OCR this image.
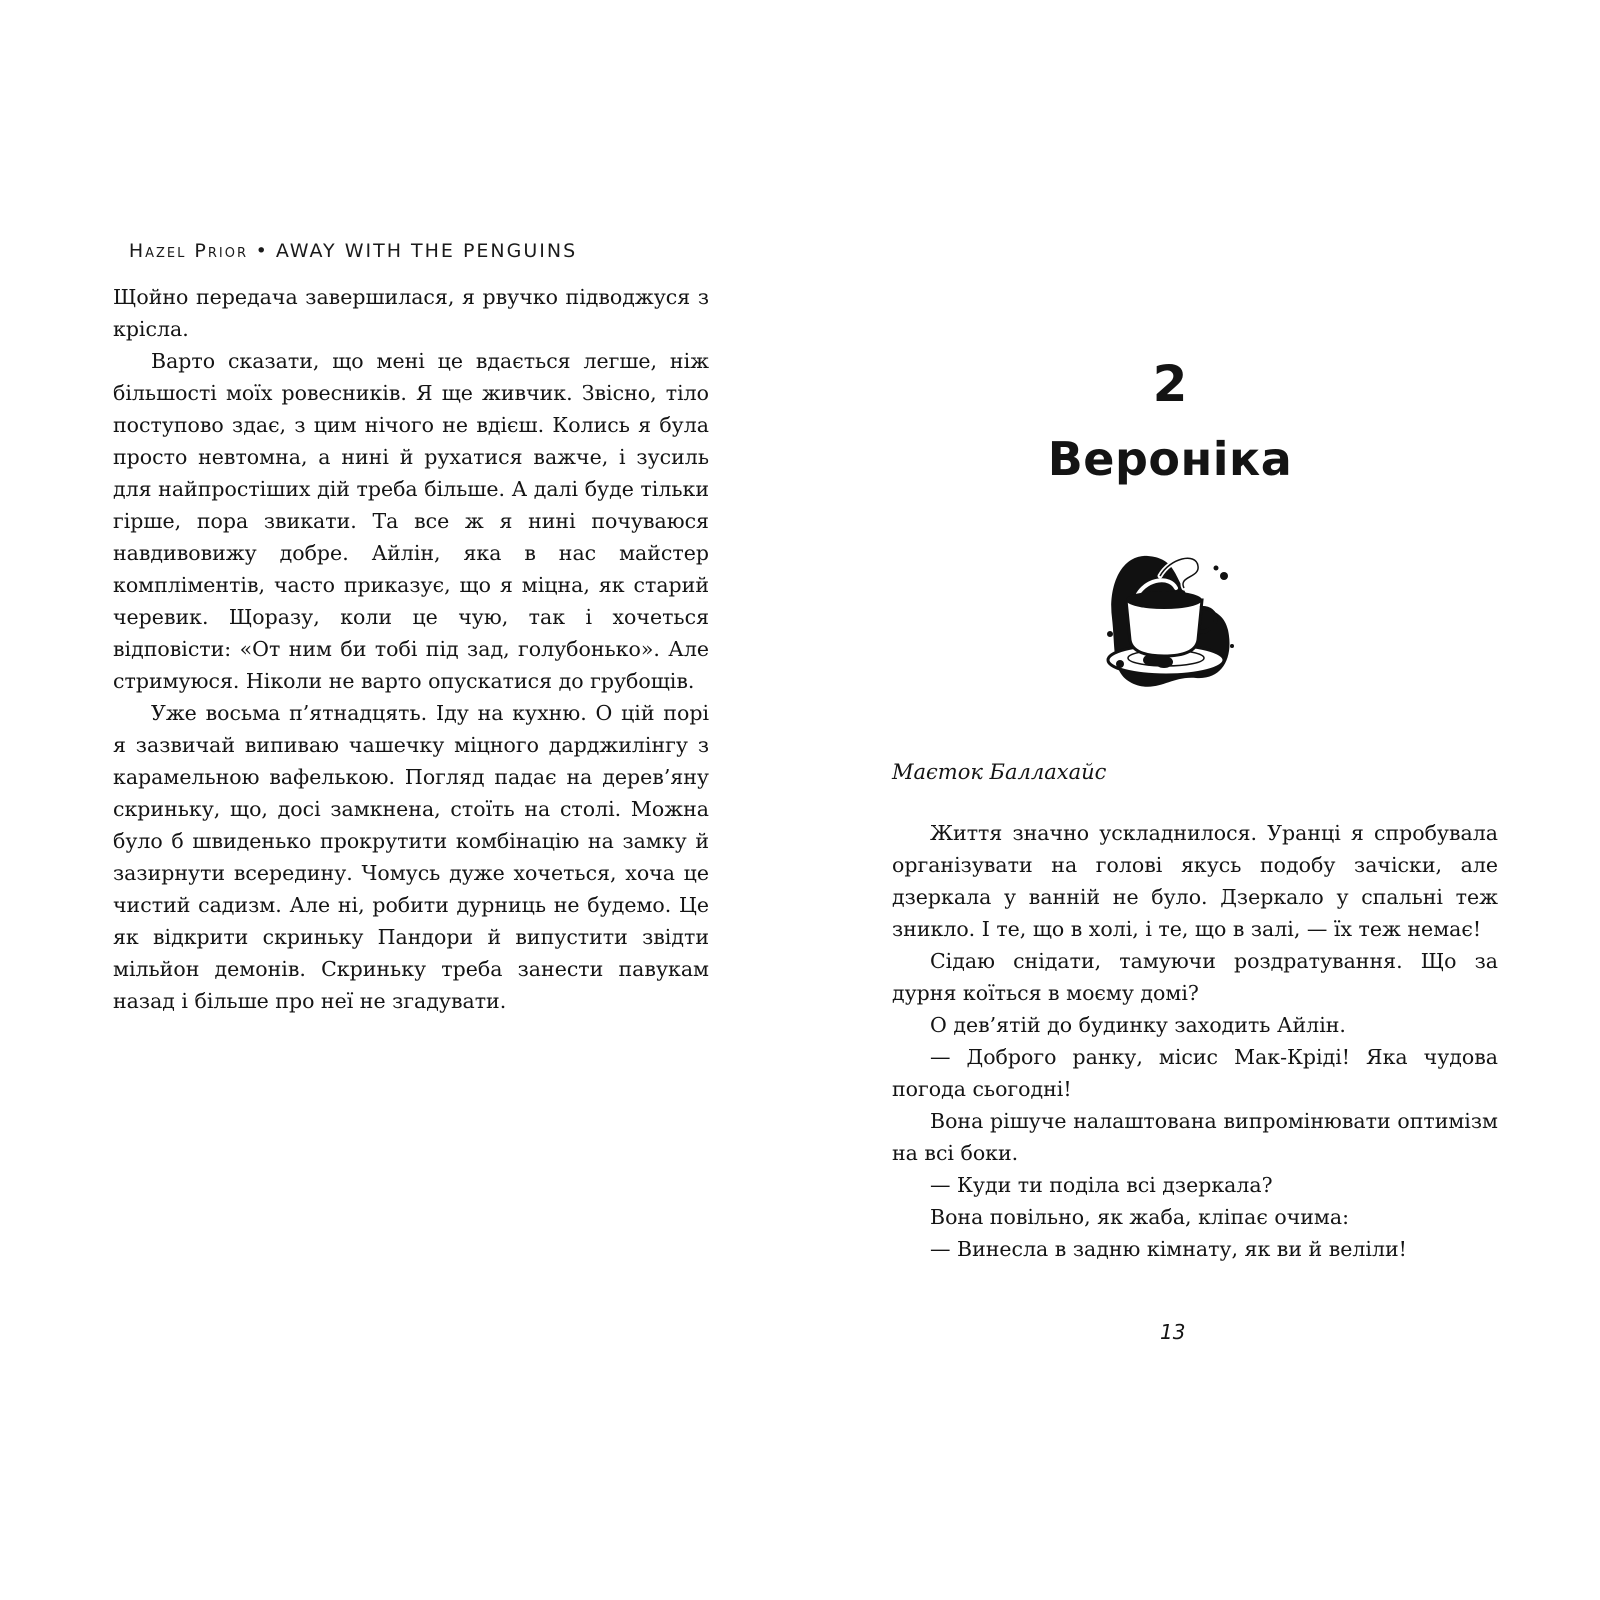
Hazel Prior • AWAY WITH THE PENGUINS

Щойно передача завершилася, я рвучко підводжуся з крісла.

Варто сказати, що мені це вдається легше, ніж більшості моїх ровесників. Я ще живчик. Звісно, тіло поступово здає, з цим нічого не вдієш. Колись я була просто невтомна, а нині й рухатися важче, і зусиль для найпростіших дій треба більше. А далі буде тільки гірше, пора звикати. Та все ж я нині почуваюся навдивовижу добре. Айлін, яка в нас майстер компліментів, часто приказує, що я міцна, як старий черевик. Щоразу, коли це чую, так і хочеться відповісти: «От ним би тобі під зад, голубонько». Але стримуюся. Ніколи не варто опускатися до грубощів.

Уже восьма п’ятнадцять. Іду на кухню. О цій порі я зазвичай випиваю чашечку міцного дарджилінгу з карамельною вафелькою. Погляд падає на дерев’яну скриньку, що, досі замкнена, стоїть на столі. Можна було б швиденько прокрутити комбінацію на замку й зазирнути всередину. Чомусь дуже хочеться, хоча це чистий садизм. Але ні, робити дурниць не будемо. Це як відкрити скриньку Пандори й випустити звідти мільйон демонів. Скриньку треба занести павукам назад і більше про неї не згадувати.

2
Вероніка
Маєток Баллахайс

Життя значно ускладнилося. Уранці я спробувала організувати на голові якусь подобу зачіски, але дзеркала у ванній не було. Дзеркало у спальні теж зникло. І те, що в холі, і те, що в залі, — їх теж немає!

Сідаю снідати, тамуючи роздратування. Що за дурня коїться в моєму домі?

О дев’ятій до будинку заходить Айлін.

— Доброго ранку, місис Мак-Кріді! Яка чудова погода сьогодні!

Вона рішуче налаштована випромінювати оптимізм на всі боки.

— Куди ти поділа всі дзеркала?

Вона повільно, як жаба, кліпає очима:

— Винесла в задню кімнату, як ви й веліли!

13
